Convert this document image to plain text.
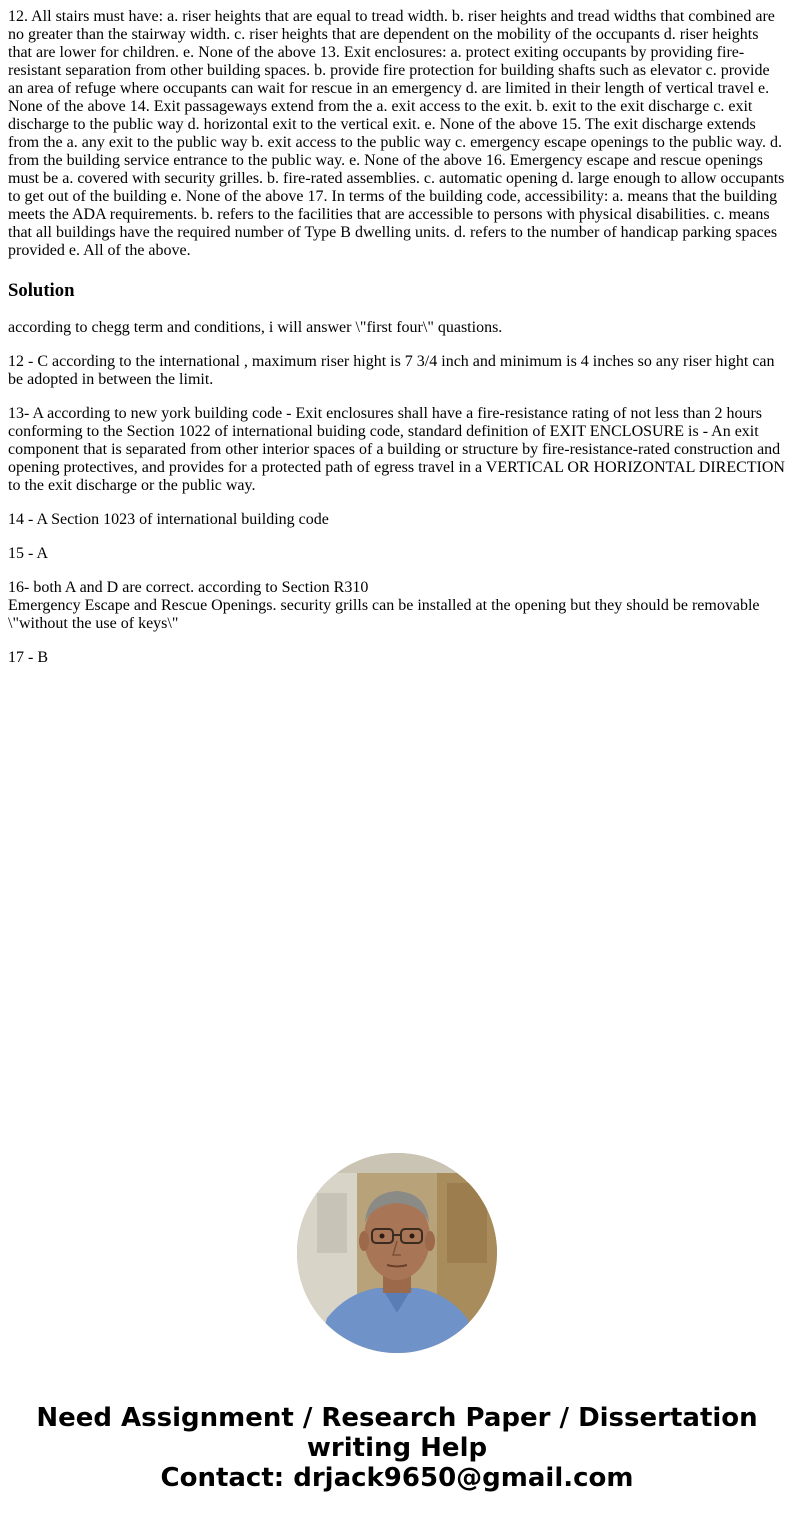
12. All stairs must have: a. riser heights that are equal to tread width. b. riser heights and tread widths that combined are no greater than the stairway width. c. riser heights that are dependent on the mobility of the occupants d. riser heights that are lower for children. e. None of the above 13. Exit enclosures: a. protect exiting occupants by providing fire-resistant separation from other building spaces. b. provide fire protection for building shafts such as elevator c. provide an area of refuge where occupants can wait for rescue in an emergency d. are limited in their length of vertical travel e. None of the above 14. Exit passageways extend from the a. exit access to the exit. b. exit to the exit discharge c. exit discharge to the public way d. horizontal exit to the vertical exit. e. None of the above 15. The exit discharge extends from the a. any exit to the public way b. exit access to the public way c. emergency escape openings to the public way. d. from the building service entrance to the public way. e. None of the above 16. Emergency escape and rescue openings must be a. covered with security grilles. b. fire-rated assemblies. c. automatic opening d. large enough to allow occupants to get out of the building e. None of the above 17. In terms of the building code, accessibility: a. means that the building meets the ADA requirements. b. refers to the facilities that are accessible to persons with physical disabilities. c. means that all buildings have the required number of Type B dwelling units. d. refers to the number of handicap parking spaces provided e. All of the above.

Solution

according to chegg term and conditions, i will answer \"first four\" quastions.

12 - C according to the international , maximum riser hight is 7 3/4 inch and minimum is 4 inches so any riser hight can be adopted in between the limit.

13- A according to new york building code - Exit enclosures shall have a fire-resistance rating of not less than 2 hours conforming to the Section 1022 of international buiding code, standard definition of EXIT ENCLOSURE is - An exit component that is separated from other interior spaces of a building or structure by fire-resistance-rated construction and opening protectives, and provides for a protected path of egress travel in a VERTICAL OR HORIZONTAL DIRECTION to the exit discharge or the public way.

14 - A Section 1023 of international building code

15 - A

16- both A and D are correct. according to Section R310
Emergency Escape and Rescue Openings. security grills can be installed at the opening but they should be removable \"without the use of keys\"

17 - B

Need Assignment / Research Paper / Dissertation
writing Help
Contact: drjack9650@gmail.com
